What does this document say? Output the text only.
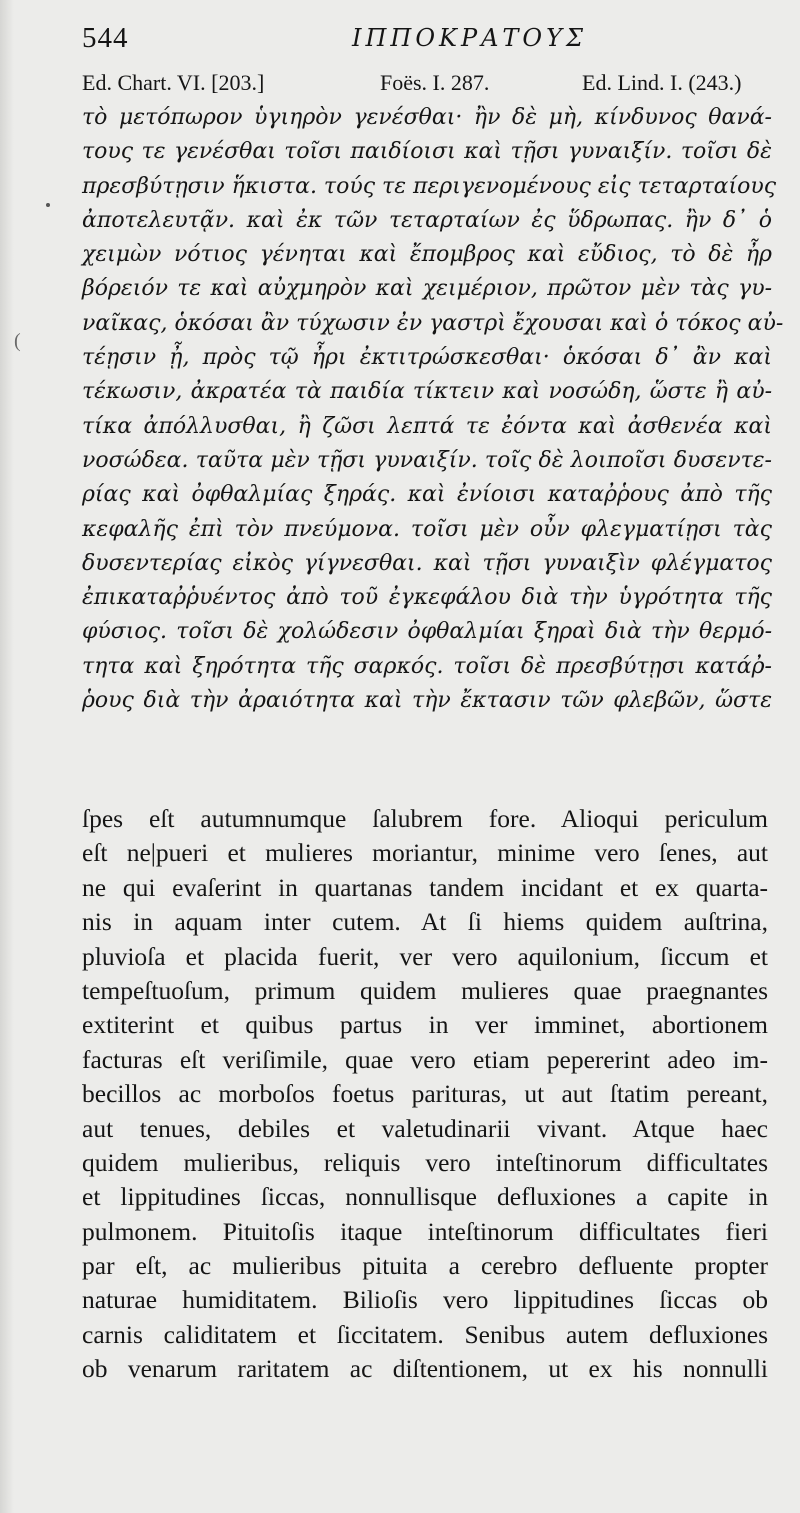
544	ΙΠΠΟΚΡΑΤΟΥΣ
Ed. Chart. VI. [203.]	Foës. I. 287.	Ed. Lind. I. (243.)
(
τὸ μετόπωρον ὑγιηρὸν γενέσθαι· ἢν δὲ μὴ, κίνδυνος θανά-
τους τε γενέσθαι τοῖσι παιδίοισι καὶ τῇσι γυναιξίν. τοῖσι δὲ
πρεσβύτῃσιν ἥκιστα. τούς τε περιγενομένους εἰς τεταρταίους
ἀποτελευτᾷν. καὶ ἐκ τῶν τεταρταίων ἐς ὕδρωπας. ἢν δ᾽ ὁ
χειμὼν νότιος γένηται καὶ ἔπομβρος καὶ εὔδιος, τὸ δὲ ἦρ
βόρειόν τε καὶ αὐχμηρὸν καὶ χειμέριον, πρῶτον μὲν τὰς γυ-
ναῖκας, ὁκόσαι ἂν τύχωσιν ἐν γαστρὶ ἔχουσαι καὶ ὁ τόκος αὐ-
τέῃσιν ᾖ, πρὸς τῷ ἦρι ἐκτιτρώσκεσθαι· ὁκόσαι δ᾽ ἂν καὶ
τέκωσιν, ἀκρατέα τὰ παιδία τίκτειν καὶ νοσώδη, ὥστε ἢ αὐ-
τίκα ἀπόλλυσθαι, ἢ ζῶσι λεπτά τε ἐόντα καὶ ἀσθενέα καὶ
νοσώδεα. ταῦτα μὲν τῇσι γυναιξίν. τοῖς δὲ λοιποῖσι δυσεντε-
ρίας καὶ ὀφθαλμίας ξηράς. καὶ ἐνίοισι καταῤῥους ἀπὸ τῆς
κεφαλῆς ἐπὶ τὸν πνεύμονα. τοῖσι μὲν οὖν φλεγματίῃσι τὰς
δυσεντερίας εἰκὸς γίγνεσθαι. καὶ τῇσι γυναιξὶν φλέγματος
ἐπικαταῤῥυέντος ἀπὸ τοῦ ἐγκεφάλου διὰ τὴν ὑγρότητα τῆς
φύσιος. τοῖσι δὲ χολώδεσιν ὀφθαλμίαι ξηραὶ διὰ τὴν θερμό-
τητα καὶ ξηρότητα τῆς σαρκός. τοῖσι δὲ πρεσβύτῃσι κατάῤ-
ῥους διὰ τὴν ἀραιότητα καὶ τὴν ἔκτασιν τῶν φλεβῶν, ὥστε
ſpes eſt autumnumque ſalubrem fore. Alioqui periculum
eſt ne|pueri et mulieres moriantur, minime vero ſenes, aut
ne qui evaſerint in quartanas tandem incidant et ex quarta-
nis in aquam inter cutem. At ſi hiems quidem auſtrina,
pluvioſa et placida fuerit, ver vero aquilonium, ſiccum et
tempeſtuoſum, primum quidem mulieres quae praegnantes
extiterint et quibus partus in ver imminet, abortionem
facturas eſt veriſimile, quae vero etiam pepererint adeo im-
becillos ac morboſos foetus parituras, ut aut ſtatim pereant,
aut tenues, debiles et valetudinarii vivant. Atque haec
quidem mulieribus, reliquis vero inteſtinorum difficultates
et lippitudines ſiccas, nonnullisque defluxiones a capite in
pulmonem. Pituitoſis itaque inteſtinorum difficultates fieri
par eſt, ac mulieribus pituita a cerebro defluente propter
naturae humiditatem. Bilioſis vero lippitudines ſiccas ob
carnis caliditatem et ſiccitatem. Senibus autem defluxiones
ob venarum raritatem ac diſtentionem, ut ex his nonnulli
